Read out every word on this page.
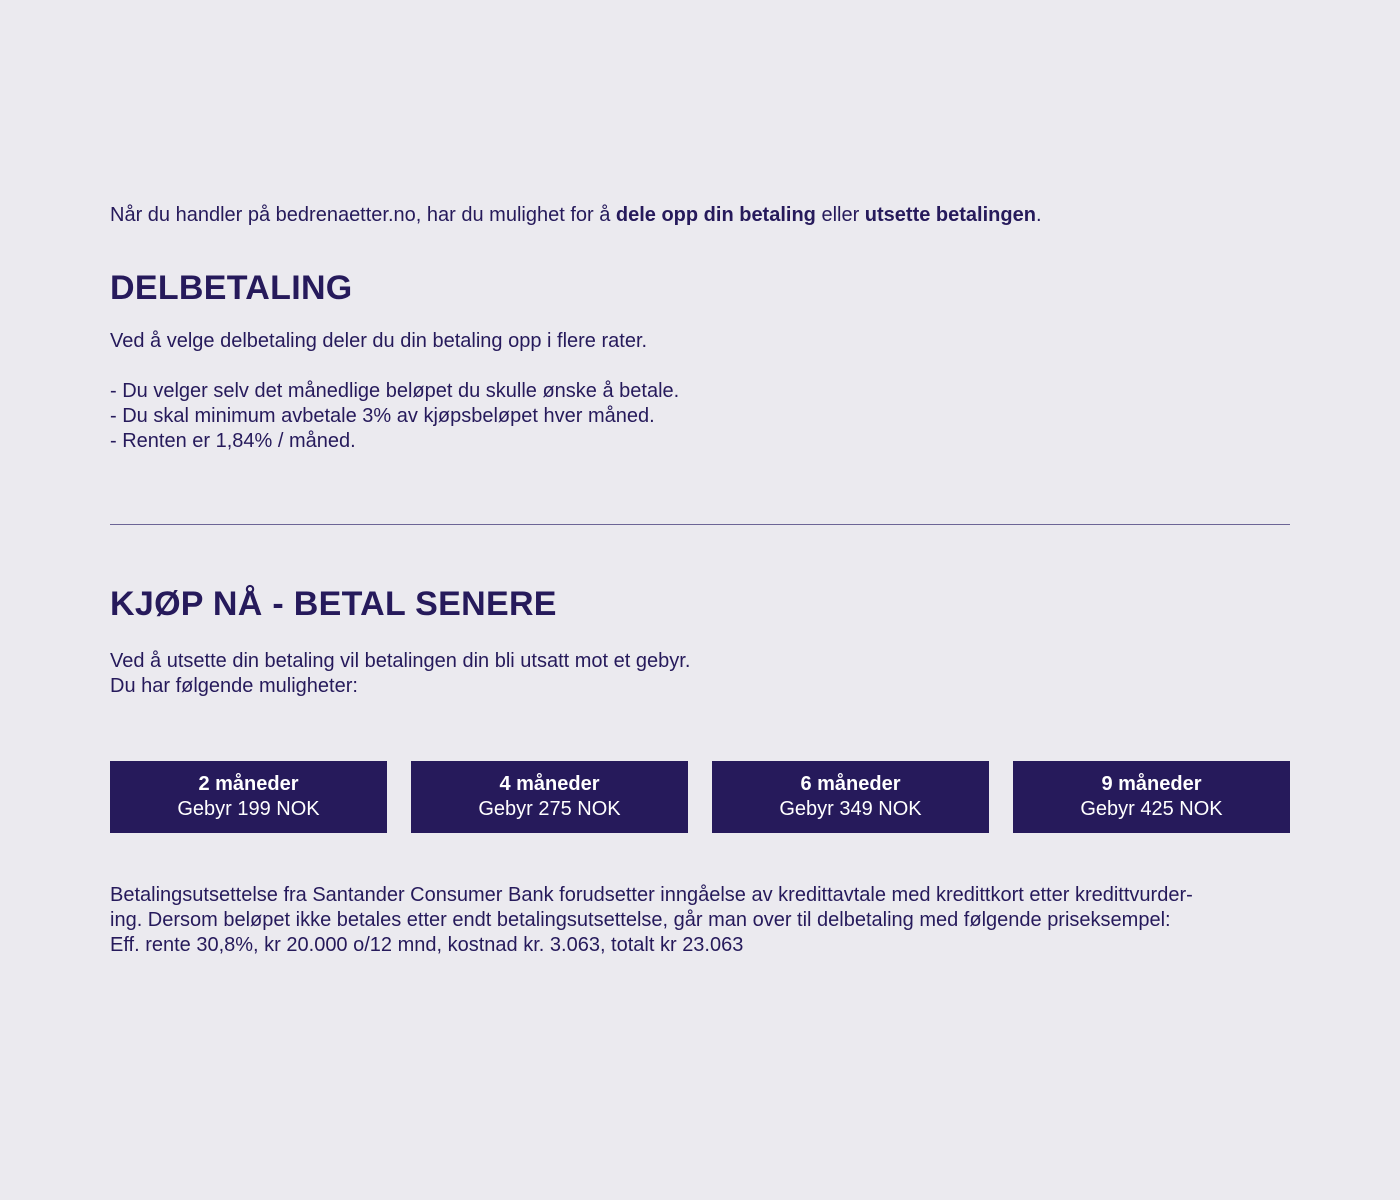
Når du handler på bedrenaetter.no, har du mulighet for å dele opp din betaling eller utsette betalingen.

DELBETALING

Ved å velge delbetaling deler du din betaling opp i flere rater.

- Du velger selv det månedlige beløpet du skulle ønske å betale.
- Du skal minimum avbetale 3% av kjøpsbeløpet hver måned.
- Renten er 1,84% / måned.
KJØP NÅ - BETAL SENERE

Ved å utsette din betaling vil betalingen din bli utsatt mot et gebyr.
Du har følgende muligheter:

2 måneder
Gebyr 199 NOK
4 måneder
Gebyr 275 NOK
6 måneder
Gebyr 349 NOK
9 måneder
Gebyr 425 NOK

Betalingsutsettelse fra Santander Consumer Bank forudsetter inngåelse av kredittavtale med kredittkort etter kredittvurder-
ing. Dersom beløpet ikke betales etter endt betalingsutsettelse, går man over til delbetaling med følgende priseksempel:
Eff. rente 30,8%, kr 20.000 o/12 mnd, kostnad kr. 3.063, totalt kr 23.063
